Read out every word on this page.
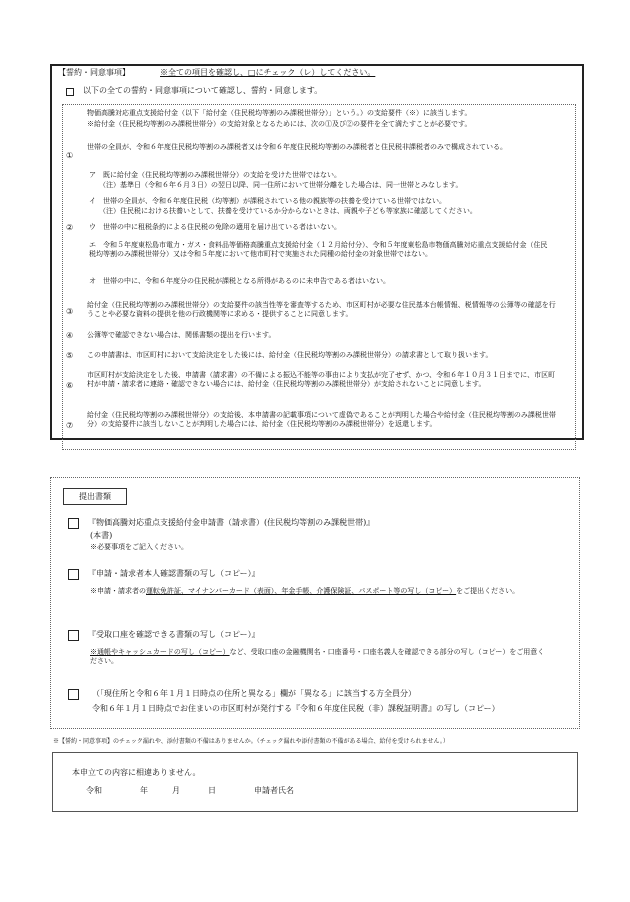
【誓約・同意事項】	※全ての項目を確認し、□にチェック（レ）してください。
以下の全ての誓約・同意事項について確認し、誓約・同意します。
物価高騰対応重点支援給付金（以下「給付金（住民税均等割のみ課税世帯分）」という。）の支給要件（※）に該当します。
※給付金（住民税均等割のみ課税世帯分）の支給対象となるためには、次の①及び②の要件を全て満たすことが必要です。
①
世帯の全員が、令和６年度住民税均等割のみ課税者又は令和６年度住民税均等割のみ課税者と住民税非課税者のみで構成されている。
ア　既に給付金（住民税均等割のみ課税世帯分）の支給を受けた世帯ではない。
（注）基準日（令和６年６月３日）の翌日以降、同一住所において世帯分離をした場合は、同一世帯とみなします。
イ　世帯の全員が、令和６年度住民税（均等割）が課税されている他の親族等の扶養を受けている世帯ではない。
（注）住民税における扶養いとして、扶養を受けているか分からないときは、両親や子ども等家族に確認してください。
② ウ　世帯の中に租税条約による住民税の免除の適用を届け出ている者はいない。
エ　令和５年度東松島市電力・ガス・食料品等価格高騰重点支援給付金（１２月給付分）、令和５年度東松島市物価高騰対応重点支援給付金（住民税均等割のみ課税世帯分）又は令和５年度において他市町村で実施された同種の給付金の対象世帯ではない。
オ　世帯の中に、令和６年度分の住民税が課税となる所得があるのに未申告である者はいない。
③
給付金（住民税均等割のみ課税世帯分）の支給要件の該当性等を審査等するため、市区町村が必要な住民基本台帳情報、税情報等の公簿等の確認を行うことや必要な資料の提供を他の行政機関等に求める・提供することに同意します。
④ 公簿等で確認できない場合は、関係書類の提出を行います。
⑤ この申請書は、市区町村において支給決定をした後には、給付金（住民税均等割のみ課税世帯分）の請求書として取り扱います。
⑥
市区町村が支給決定をした後、申請書（請求書）の不備による振込不能等の事由により支払が完了せず、かつ、令和６年１０月３１日までに、市区町村が申請・請求者に連絡・確認できない場合には、給付金（住民税均等割のみ課税世帯分）が支給されないことに同意します。
⑦
給付金（住民税均等割のみ課税世帯分）の支給後、本申請書の記載事項について虚偽であることが判明した場合や給付金（住民税均等割のみ課税世帯分）の支給要件に該当しないことが判明した場合には、給付金（住民税均等割のみ課税世帯分）を返還します。
提出書類
『物価高騰対応重点支援給付金申請書（請求書）(住民税均等割のみ課税世帯)』
(本書)
※必要事項をご記入ください。
『申請・請求者本人確認書類の写し（コピー）』
※申請・請求者の運転免許証、マイナンバーカード（表面）、年金手帳、介護保険証、パスポート等の写し（コピー）をご提出ください。
『受取口座を確認できる書類の写し（コピー）』
※通帳やキャッシュカードの写し（コピー）など、受取口座の金融機関名・口座番号・口座名義人を確認できる部分の写し（コピー）をご用意ください。
（「現住所と令和６年１月１日時点の住所と異なる」欄が「異なる」に該当する方全員分）
令和６年１月１日時点でお住まいの市区町村が発行する『令和６年度住民税（非）課税証明書』の写し（コピー）
※【誓約・同意事項】のチェック漏れや、添付書類の不備はありませんか。（チェック漏れや添付書類の不備がある場合、給付を受けられません。）
本申立ての内容に相違ありません。
令和	年	月	日	申請者氏名
